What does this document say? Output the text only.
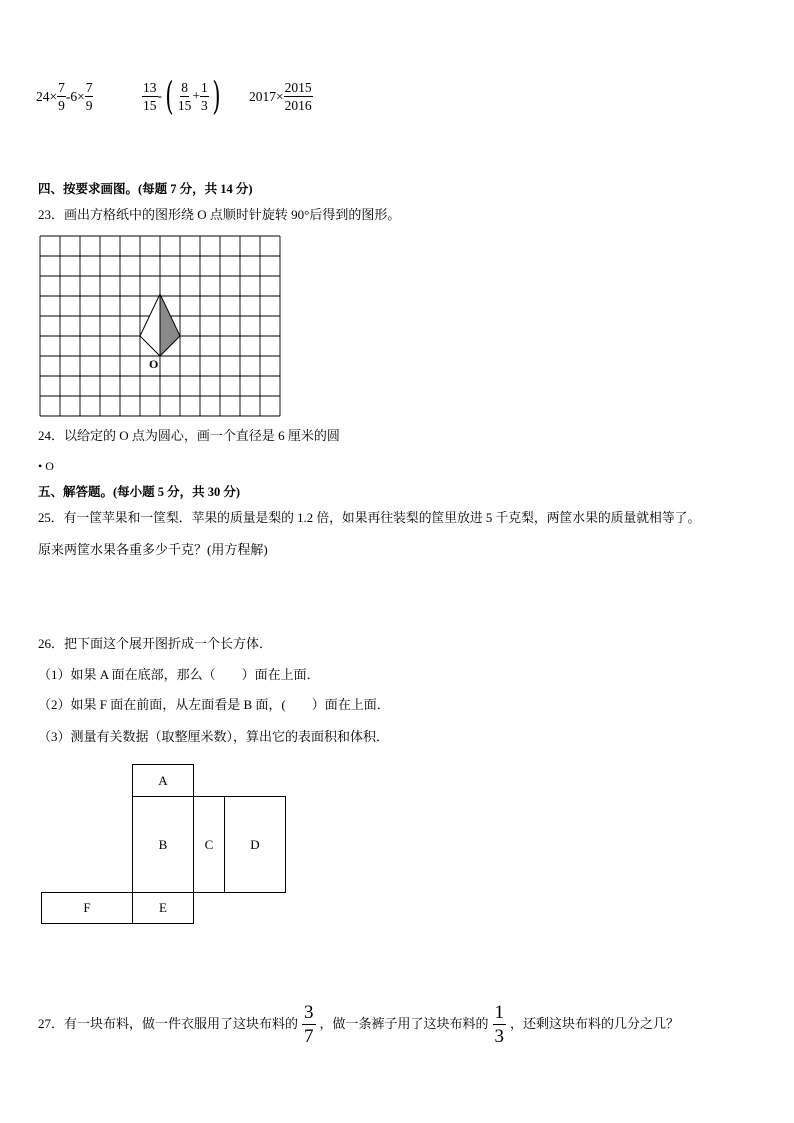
$24\times \frac{7}{9} -6\times \frac{7}{9}$	$\frac{13}{15}$ - ( $\frac{8}{15} + \frac{1}{3}$ ) $2017\times \frac{2015}{2016}$
四、按要求画图。(每题 7 分，共 14 分)
23．画出方格纸中的图形绕 O 点顺时针旋转 90°后得到的图形。
O
24．以给定的 O 点为圆心，画一个直径是 6 厘米的圆
• O
五、解答题。(每小题 5 分，共 30 分)
25．有一筐苹果和一筐梨．苹果的质量是梨的 1.2 倍，如果再往装梨的筐里放进 5 千克梨，两筐水果的质量就相等了。
原来两筐水果各重多少千克？(用方程解)
26．把下面这个展开图折成一个长方体．
（1）如果 A 面在底部，那么（　　）面在上面．
（2）如果 F 面在前面，从左面看是 B 面，(　　）面在上面．
（3）测量有关数据（取整厘米数），算出它的表面积和体积．
A
B	C	D
F	E
27．有一块布料，做一件衣服用了这块布料的 $\frac{3}{7}$ ，做一条裤子用了这块布料的 $\frac{1}{3}$ ，还剩这块布料的几分之几？
